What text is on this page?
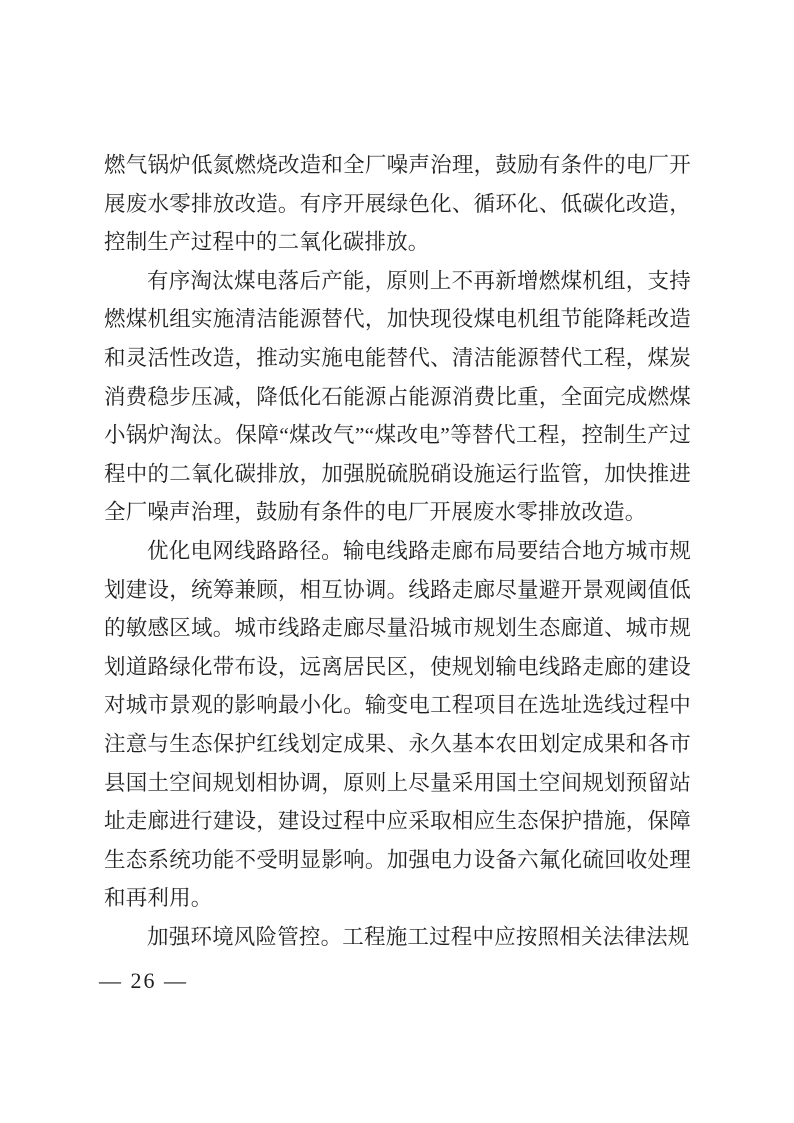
燃气锅炉低氮燃烧改造和全厂噪声治理，鼓励有条件的电厂开展废水零排放改造。有序开展绿色化、循环化、低碳化改造，控制生产过程中的二氧化碳排放。

有序淘汰煤电落后产能，原则上不再新增燃煤机组，支持燃煤机组实施清洁能源替代，加快现役煤电机组节能降耗改造和灵活性改造，推动实施电能替代、清洁能源替代工程，煤炭消费稳步压减，降低化石能源占能源消费比重，全面完成燃煤小锅炉淘汰。保障“煤改气”“煤改电”等替代工程，控制生产过程中的二氧化碳排放，加强脱硫脱硝设施运行监管，加快推进全厂噪声治理，鼓励有条件的电厂开展废水零排放改造。

优化电网线路路径。输电线路走廊布局要结合地方城市规划建设，统筹兼顾，相互协调。线路走廊尽量避开景观阈值低的敏感区域。城市线路走廊尽量沿城市规划生态廊道、城市规划道路绿化带布设，远离居民区，使规划输电线路走廊的建设对城市景观的影响最小化。输变电工程项目在选址选线过程中注意与生态保护红线划定成果、永久基本农田划定成果和各市县国土空间规划相协调，原则上尽量采用国土空间规划预留站址走廊进行建设，建设过程中应采取相应生态保护措施，保障生态系统功能不受明显影响。加强电力设备六氟化硫回收处理和再利用。

加强环境风险管控。工程施工过程中应按照相关法律法规

— 26 —
